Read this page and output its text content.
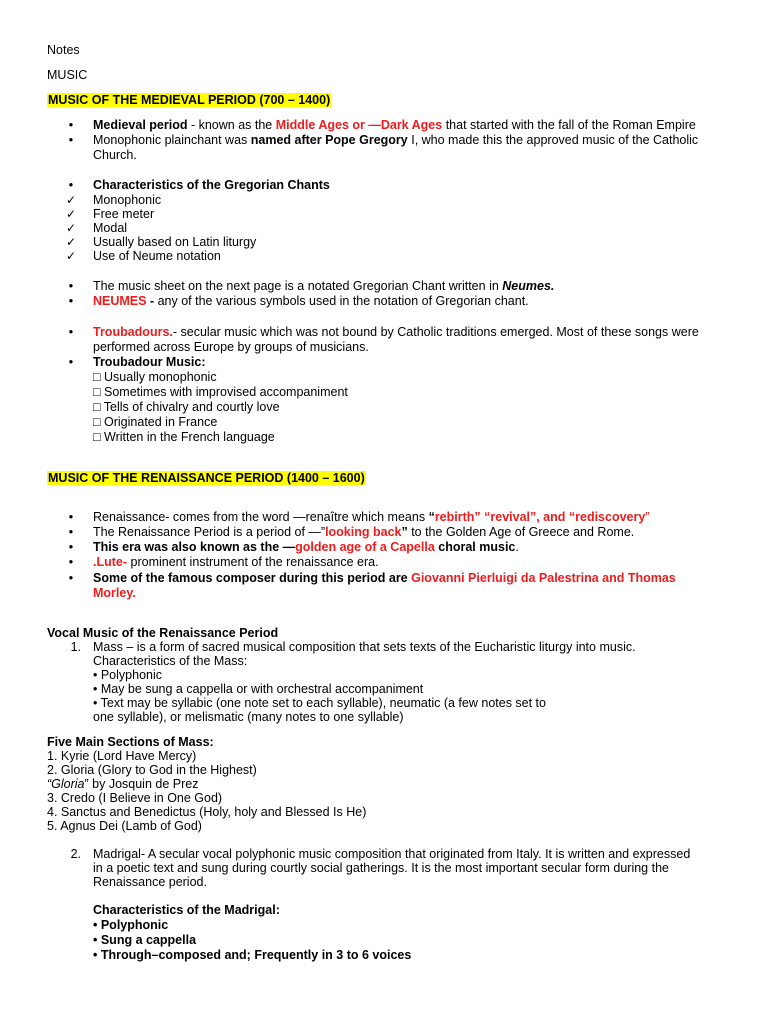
Notes
MUSIC
MUSIC OF THE MEDIEVAL PERIOD (700 – 1400)
• Medieval period - known as the Middle Ages or —Dark Ages that started with the fall of the Roman Empire
• Monophonic plainchant was named after Pope Gregory I, who made this the approved music of the Catholic
Church.
• Characteristics of the Gregorian Chants
✓ Monophonic
✓ Free meter
✓ Modal
✓ Usually based on Latin liturgy
✓ Use of Neume notation
• The music sheet on the next page is a notated Gregorian Chant written in Neumes.
• NEUMES - any of the various symbols used in the notation of Gregorian chant.
• Troubadours.- secular music which was not bound by Catholic traditions emerged. Most of these songs were
performed across Europe by groups of musicians.
• Troubadour Music:
□ Usually monophonic
□ Sometimes with improvised accompaniment
□ Tells of chivalry and courtly love
□ Originated in France
□ Written in the French language
MUSIC OF THE RENAISSANCE PERIOD (1400 – 1600)
• Renaissance- comes from the word —renaître which means “rebirth” “revival”, and “rediscovery”
• The Renaissance Period is a period of —”looking back” to the Golden Age of Greece and Rome.
• This era was also known as the —golden age of a Capella choral music.
• .Lute- prominent instrument of the renaissance era.
• Some of the famous composer during this period are Giovanni Pierluigi da Palestrina and Thomas
Morley.
Vocal Music of the Renaissance Period
1. Mass – is a form of sacred musical composition that sets texts of the Eucharistic liturgy into music.
Characteristics of the Mass:
• Polyphonic
• May be sung a cappella or with orchestral accompaniment
• Text may be syllabic (one note set to each syllable), neumatic (a few notes set to
one syllable), or melismatic (many notes to one syllable)
Five Main Sections of Mass:
1. Kyrie (Lord Have Mercy)
2. Gloria (Glory to God in the Highest)
“Gloria” by Josquin de Prez
3. Credo (I Believe in One God)
4. Sanctus and Benedictus (Holy, holy and Blessed Is He)
5. Agnus Dei (Lamb of God)
2. Madrigal- A secular vocal polyphonic music composition that originated from Italy. It is written and expressed
in a poetic text and sung during courtly social gatherings. It is the most important secular form during the
Renaissance period.
Characteristics of the Madrigal:
• Polyphonic
• Sung a cappella
• Through–composed and; Frequently in 3 to 6 voices
